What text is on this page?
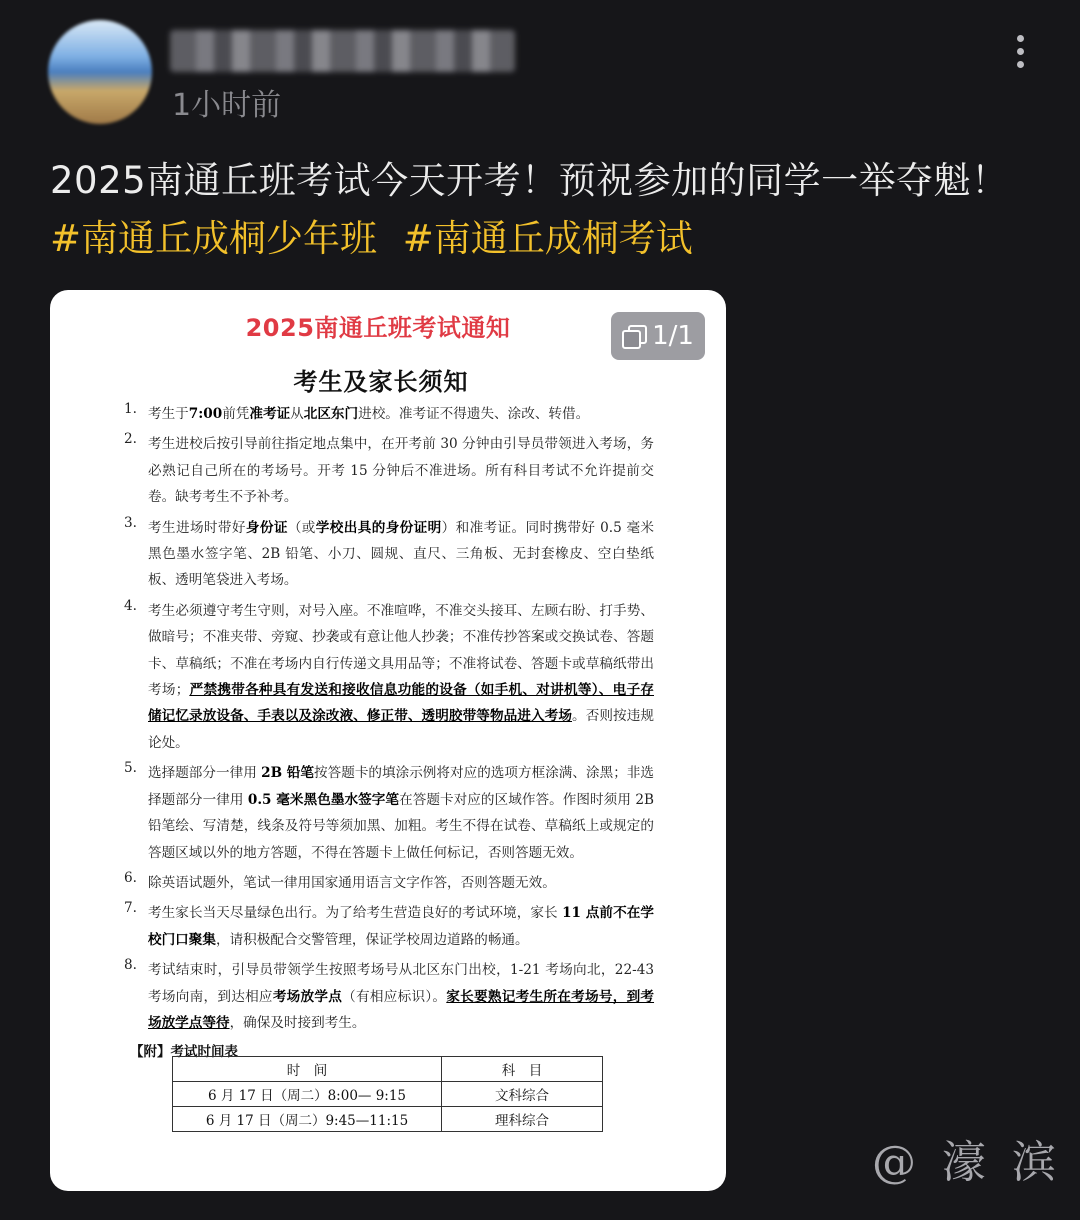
1小时前
2025南通丘班考试今天开考！预祝参加的同学一举夺魁！
#南通丘成桐少年班 #南通丘成桐考试
2025南通丘班考试通知	1/1
考生及家长须知
1. 考生于7:00前凭准考证从北区东门进校。准考证不得遗失、涂改、转借。
2. 考生进校后按引导前往指定地点集中，在开考前 30 分钟由引导员带领进入考场，务必熟记自己所在的考场号。开考 15 分钟后不准进场。所有科目考试不允许提前交卷。缺考考生不予补考。
3. 考生进场时带好身份证（或学校出具的身份证明）和准考证。同时携带好 0.5 毫米黑色墨水签字笔、2B 铅笔、小刀、圆规、直尺、三角板、无封套橡皮、空白垫纸板、透明笔袋进入考场。
4. 考生必须遵守考生守则，对号入座。不准喧哗，不准交头接耳、左顾右盼、打手势、做暗号；不准夹带、旁窥、抄袭或有意让他人抄袭；不准传抄答案或交换试卷、答题卡、草稿纸；不准在考场内自行传递文具用品等；不准将试卷、答题卡或草稿纸带出考场；严禁携带各种具有发送和接收信息功能的设备（如手机、对讲机等）、电子存储记忆录放设备、手表以及涂改液、修正带、透明胶带等物品进入考场。否则按违规论处。
5. 选择题部分一律用 2B 铅笔按答题卡的填涂示例将对应的选项方框涂满、涂黑；非选择题部分一律用 0.5 毫米黑色墨水签字笔在答题卡对应的区域作答。作图时须用 2B 铅笔绘、写清楚，线条及符号等须加黑、加粗。考生不得在试卷、草稿纸上或规定的答题区域以外的地方答题，不得在答题卡上做任何标记，否则答题无效。
6. 除英语试题外，笔试一律用国家通用语言文字作答，否则答题无效。
7. 考生家长当天尽量绿色出行。为了给考生营造良好的考试环境，家长 11 点前不在学校门口聚集，请积极配合交警管理，保证学校周边道路的畅通。
8. 考试结束时，引导员带领学生按照考场号从北区东门出校，1-21 考场向北，22-43 考场向南，到达相应考场放学点（有相应标识）。家长要熟记考生所在考场号，到考场放学点等待，确保及时接到考生。
【附】考试时间表
时　间	科　目
6 月 17 日（周二）8:00— 9:15	文科综合
6 月 17 日（周二）9:45—11:15	理科综合
@ 濠 滨
